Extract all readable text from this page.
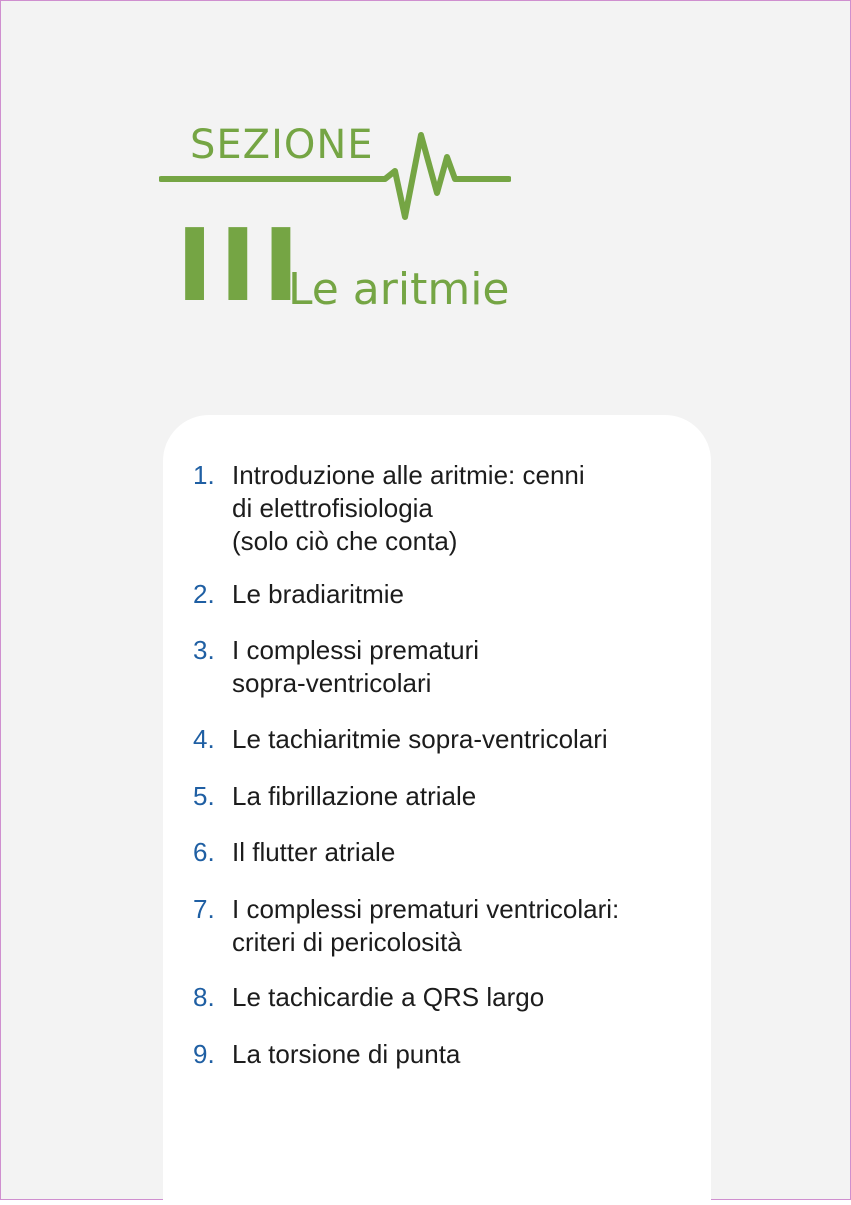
SEZIONE
III
Le aritmie
1. Introduzione alle aritmie: cenni
di elettrofisiologia
(solo ciò che conta)
2. Le bradiaritmie
3. I complessi prematuri
sopra-ventricolari
4. Le tachiaritmie sopra-ventricolari
5. La fibrillazione atriale
6. Il flutter atriale
7. I complessi prematuri ventricolari:
criteri di pericolosità
8. Le tachicardie a QRS largo
9. La torsione di punta
